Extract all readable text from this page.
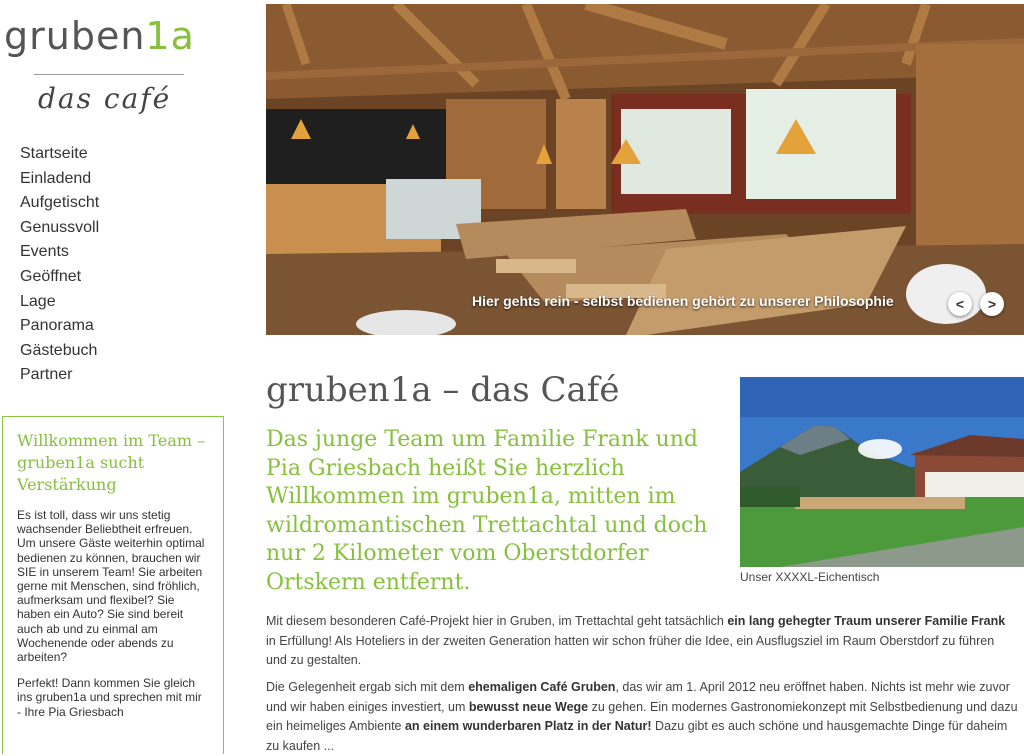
gruben1a
das café
Startseite
Einladend
Aufgetischt
Genussvoll
Events
Geöffnet
Lage
Panorama
Gästebuch
Partner
Willkommen im Team – gruben1a sucht Verstärkung

Es ist toll, dass wir uns stetig wachsender Beliebtheit erfreuen. Um unsere Gäste weiterhin optimal bedienen zu können, brauchen wir SIE in unserem Team! Sie arbeiten gerne mit Menschen, sind fröhlich, aufmerksam und flexibel? Sie haben ein Auto? Sie sind bereit auch ab und zu einmal am Wochenende oder abends zu arbeiten?

Perfekt! Dann kommen Sie gleich ins gruben1a und sprechen mit mir - Ihre Pia Griesbach

Hier gehts rein - selbst bedienen gehört zu unserer Philosophie	<	>
gruben1a – das Café

Das junge Team um Familie Frank und Pia Griesbach heißt Sie herzlich Willkommen im gruben1a, mitten im wildromantischen Trettachtal und doch nur 2 Kilometer vom Oberstdorfer Ortskern entfernt.	Unser XXXXL-Eichentisch

Mit diesem besonderen Café-Projekt hier in Gruben, im Trettachtal geht tatsächlich ein lang gehegter Traum unserer Familie Frank in Erfüllung! Als Hoteliers in der zweiten Generation hatten wir schon früher die Idee, ein Ausflugsziel im Raum Oberstdorf zu führen und zu gestalten.

Die Gelegenheit ergab sich mit dem ehemaligen Café Gruben, das wir am 1. April 2012 neu eröffnet haben. Nichts ist mehr wie zuvor und wir haben einiges investiert, um bewusst neue Wege zu gehen. Ein modernes Gastronomiekonzept mit Selbstbedienung und dazu ein heimeliges Ambiente an einem wunderbaren Platz in der Natur! Dazu gibt es auch schöne und hausgemachte Dinge für daheim zu kaufen ...
